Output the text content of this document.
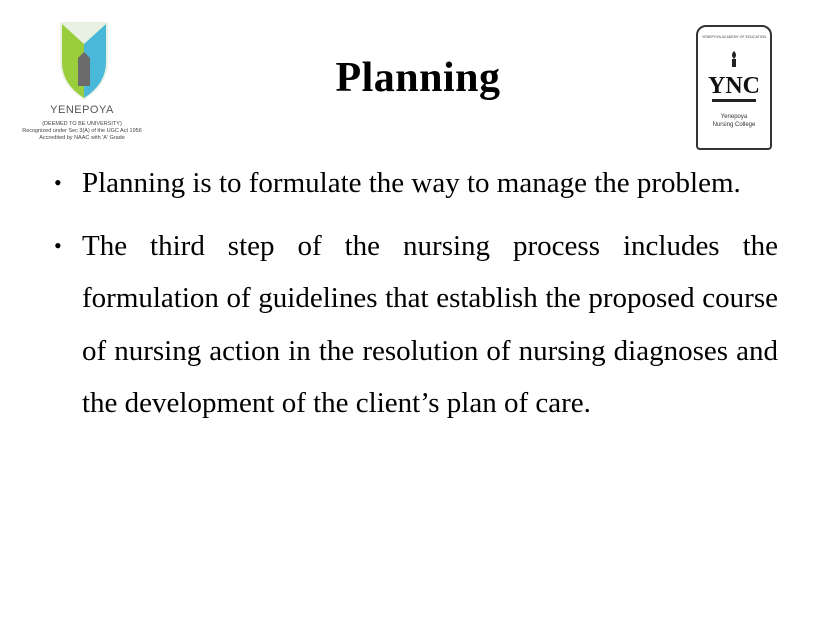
YENEPOYA
(DEEMED TO BE UNIVERSITY)
Recognized under Sec 3(A) of the UGC Act 1956
Accredited by NAAC with 'A' Grade
Planning
YENEPOYA ACADEMY OF EDUCATION
YNC
Yenepoya
Nursing College
• Planning is to formulate the way to manage the problem.
• The third step of the nursing process includes the formulation of guidelines that establish the proposed course of nursing action in the resolution of nursing diagnoses and the development of the client’s plan of care.
